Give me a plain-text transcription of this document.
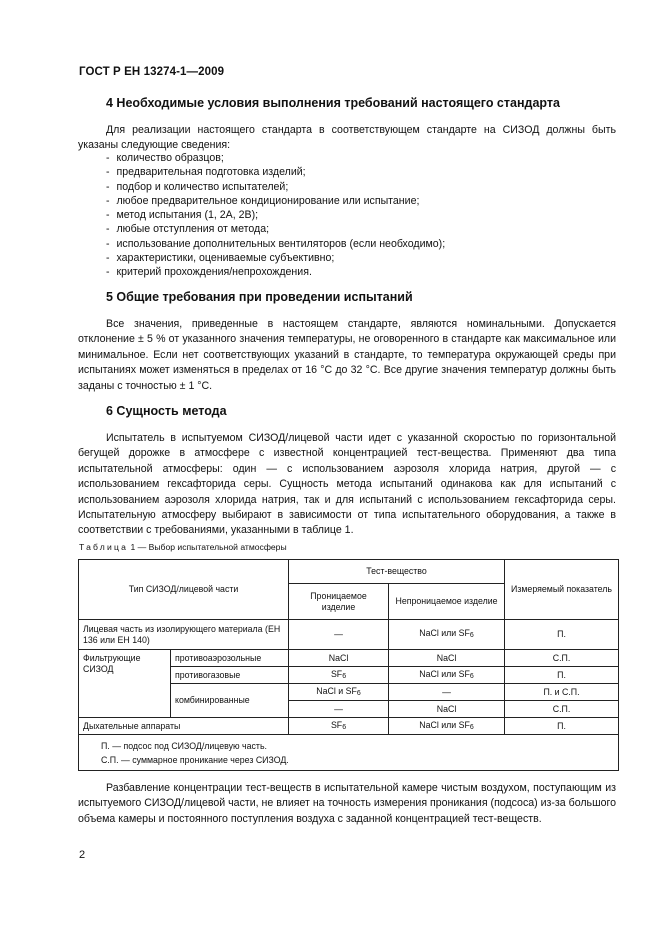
ГОСТ Р ЕН 13274-1—2009
4 Необходимые условия выполнения требований настоящего стандарта
Для реализации настоящего стандарта в соответствующем стандарте на СИЗОД должны быть указаны следующие сведения:
- количество образцов;
- предварительная подготовка изделий;
- подбор и количество испытателей;
- любое предварительное кондиционирование или испытание;
- метод испытания (1, 2А, 2В);
- любые отступления от метода;
- использование дополнительных вентиляторов (если необходимо);
- характеристики, оцениваемые субъективно;
- критерий прохождения/непрохождения.
5 Общие требования при проведении испытаний
Все значения, приведенные в настоящем стандарте, являются номинальными. Допускается отклонение ± 5 % от указанного значения температуры, не оговоренного в стандарте как максимальное или минимальное. Если нет соответствующих указаний в стандарте, то температура окружающей среды при испытаниях может изменяться в пределах от 16 °С до 32 °С. Все другие значения температур должны быть заданы с точностью ± 1 °С.
6 Сущность метода
Испытатель в испытуемом СИЗОД/лицевой части идет с указанной скоростью по горизонтальной бегущей дорожке в атмосфере с известной концентрацией тест-вещества. Применяют два типа испытательной атмосферы: один — с использованием аэрозоля хлорида натрия, другой — с использованием гексафторида серы. Сущность метода испытаний одинакова как для испытаний с использованием аэрозоля хлорида натрия, так и для испытаний с использованием гексафторида серы. Испытательную атмосферу выбирают в зависимости от типа испытательного оборудования, а также в соответствии с требованиями, указанными в таблице 1.
Таблица 1 — Выбор испытательной атмосферы
Тип СИЗОД/лицевой части		Тест-вещество		Измеряемый показатель
		Проницаемое изделие	Непроницаемое изделие	
Лицевая часть из изолирующего материала (ЕН 136 или ЕН 140)		—	NaCl или $SF_6$	П.
Фильтрующие СИЗОД	противоаэрозольные	NaCl	NaCl	С.П.
	противогазовые	$SF_6$	NaCl или $SF_6$	П.
	комбинированные	NaCl и $SF_6$	—	П. и С.П.
		—	NaCl	С.П.
Дыхательные аппараты		$SF_6$	NaCl или $SF_6$	П.

П. — подсос под СИЗОД/лицевую часть.
С.П. — суммарное проникание через СИЗОД.				
Разбавление концентрации тест-веществ в испытательной камере чистым воздухом, поступающим из испытуемого СИЗОД/лицевой части, не влияет на точность измерения проникания (подсоса) из-за большого объема камеры и постоянного поступления воздуха с заданной концентрацией тест-веществ.
2
